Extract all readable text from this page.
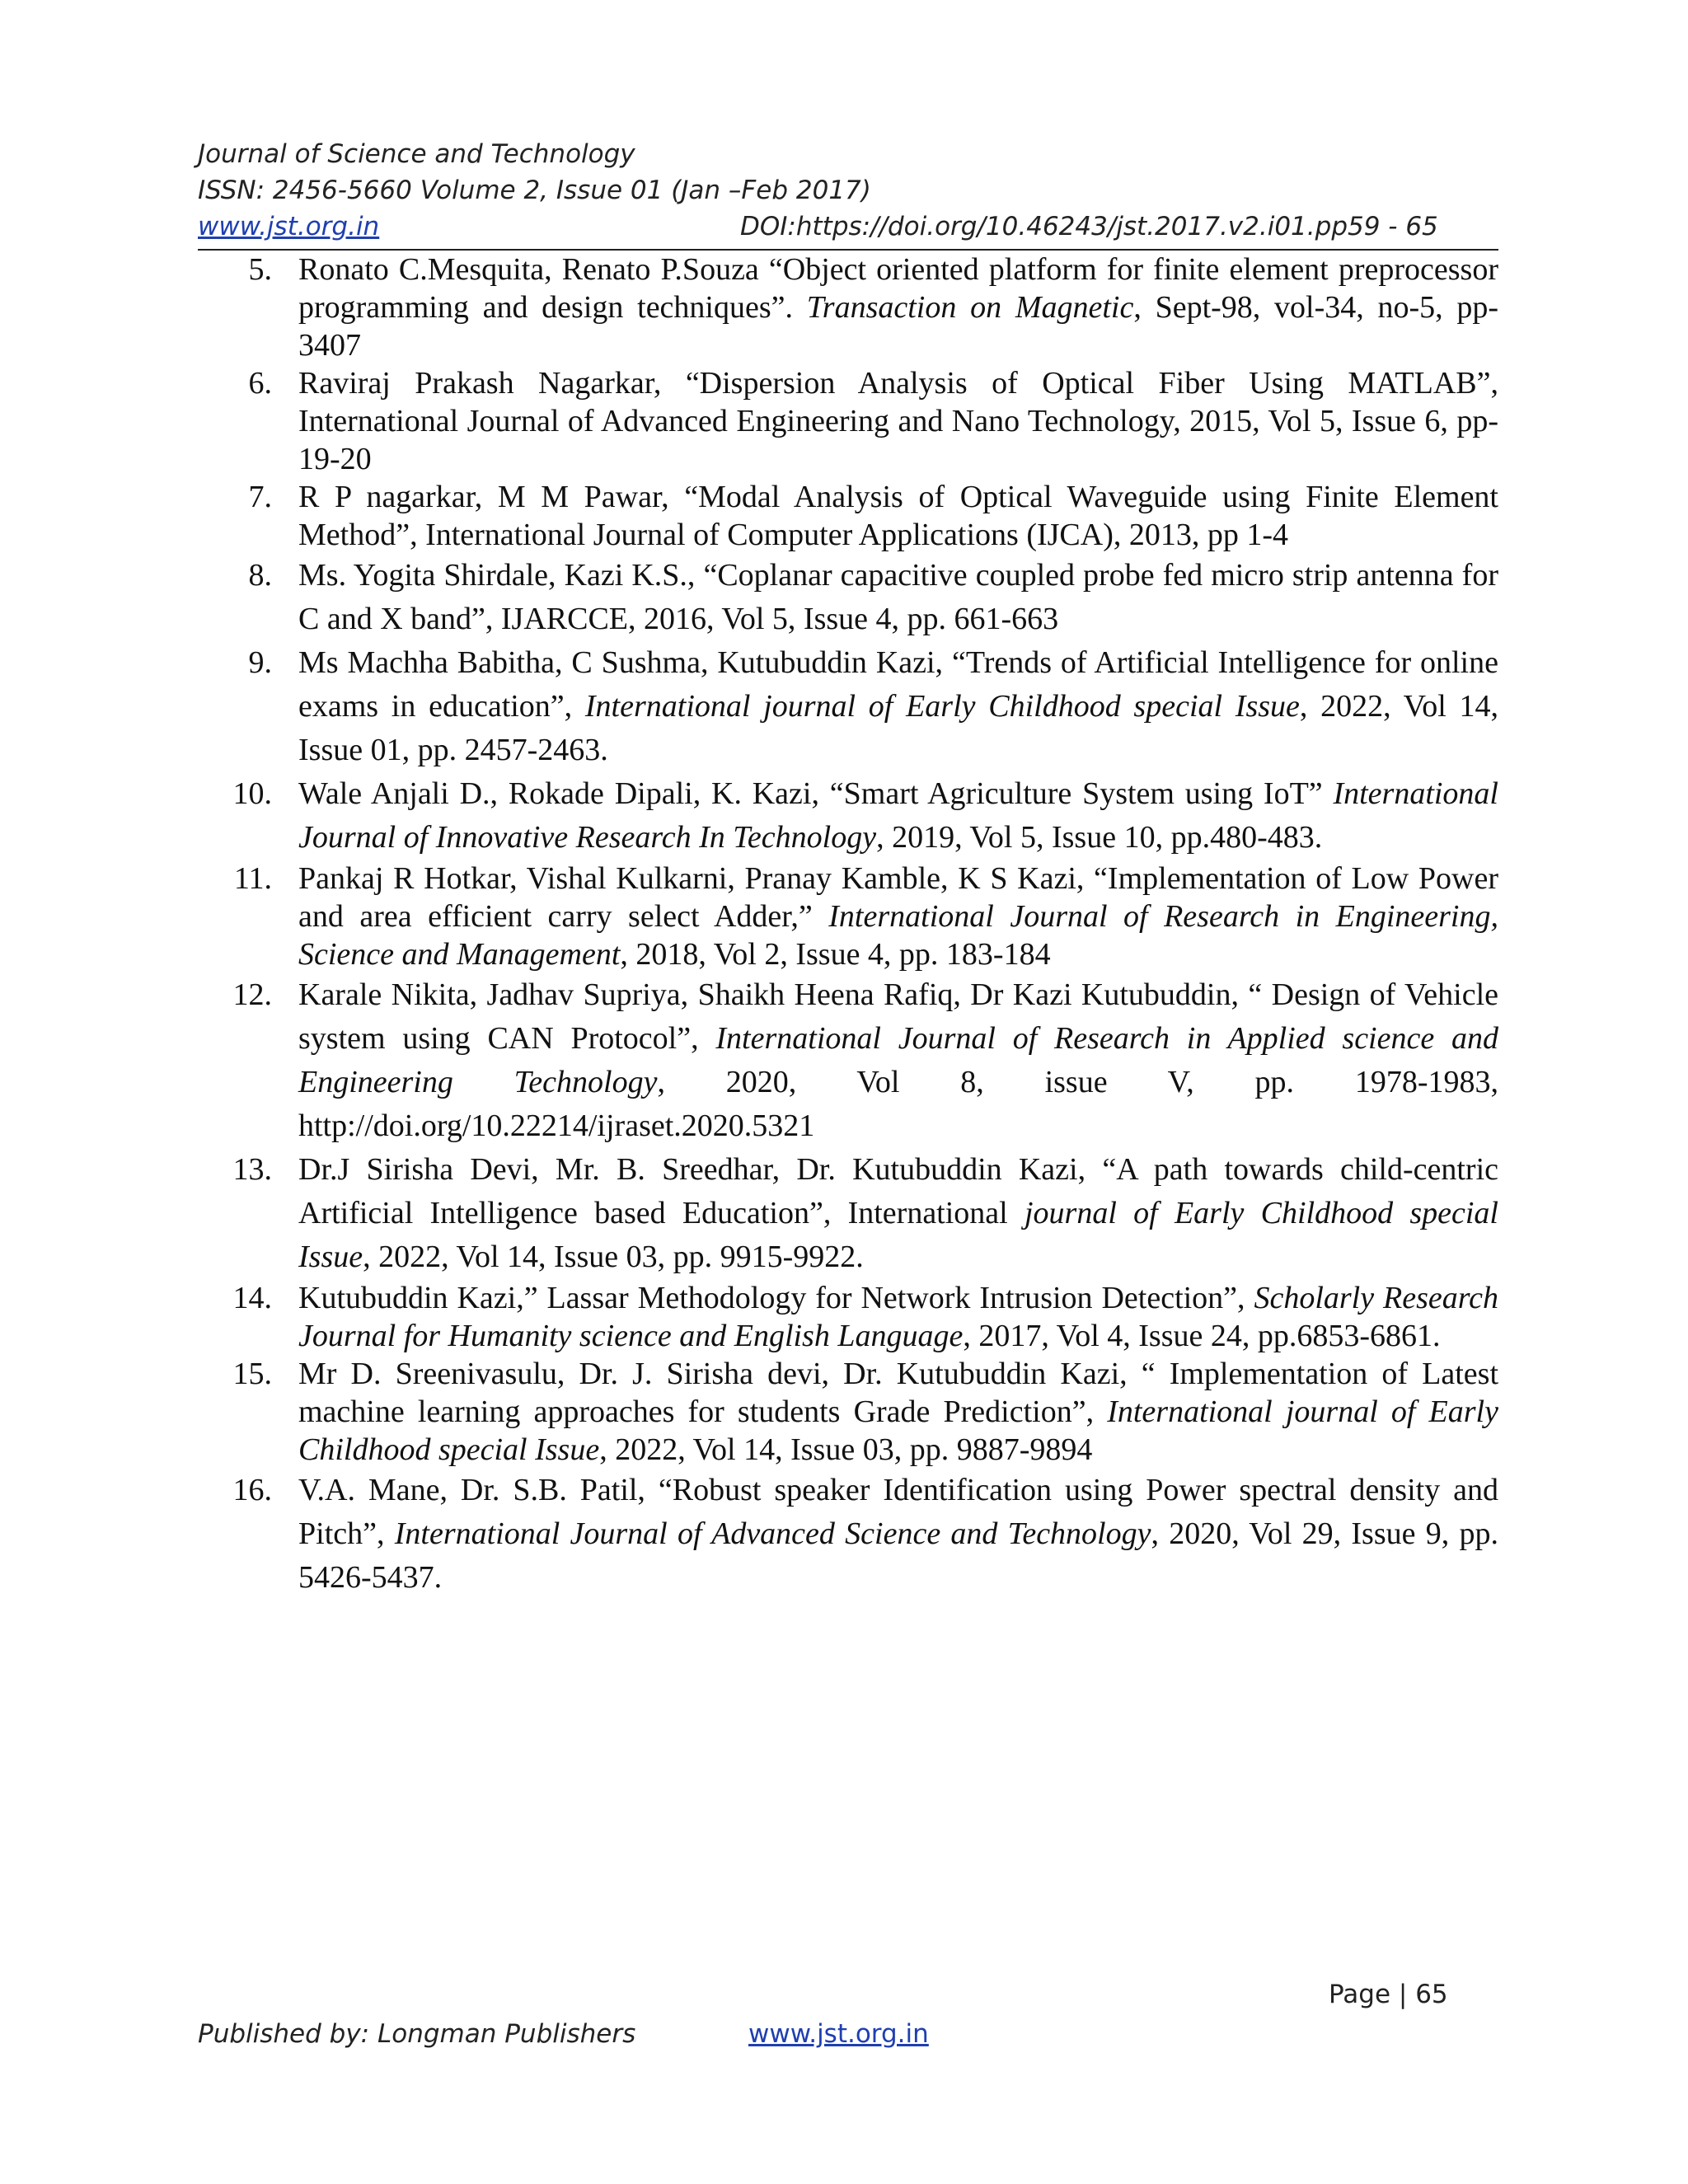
Journal of Science and Technology
ISSN: 2456-5660 Volume 2, Issue 01 (Jan –Feb 2017)
www.jst.org.in	DOI:https://doi.org/10.46243/jst.2017.v2.i01.pp59 - 65
5. Ronato C.Mesquita, Renato P.Souza “Object oriented platform for finite element preprocessor programming and design techniques”. Transaction on Magnetic, Sept-98, vol-34, no-5, pp-3407
6. Raviraj Prakash Nagarkar, “Dispersion Analysis of Optical Fiber Using MATLAB”, International Journal of Advanced Engineering and Nano Technology, 2015, Vol 5, Issue 6, pp- 19-20
7. R P nagarkar, M M Pawar, “Modal Analysis of Optical Waveguide using Finite Element Method”, International Journal of Computer Applications (IJCA), 2013, pp 1-4
8. Ms. Yogita Shirdale, Kazi K.S., “Coplanar capacitive coupled probe fed micro strip antenna for C and X band”, IJARCCE, 2016, Vol 5, Issue 4, pp. 661-663
9. Ms Machha Babitha, C Sushma, Kutubuddin Kazi, “Trends of Artificial Intelligence for online exams in education”, International journal of Early Childhood special Issue, 2022, Vol 14, Issue 01, pp. 2457-2463.
10. Wale Anjali D., Rokade Dipali, K. Kazi, “Smart Agriculture System using IoT” International Journal of Innovative Research In Technology, 2019, Vol 5, Issue 10, pp.480-483.
11. Pankaj R Hotkar, Vishal Kulkarni, Pranay Kamble, K S Kazi, “Implementation of Low Power and area efficient carry select Adder,” International Journal of Research in Engineering, Science and Management, 2018, Vol 2, Issue 4, pp. 183-184
12. Karale Nikita, Jadhav Supriya, Shaikh Heena Rafiq, Dr Kazi Kutubuddin, “ Design of Vehicle system using CAN Protocol”, International Journal of Research in Applied science and Engineering Technology, 2020, Vol 8, issue V, pp. 1978-1983, http://doi.org/10.22214/ijraset.2020.5321
13. Dr.J Sirisha Devi, Mr. B. Sreedhar, Dr. Kutubuddin Kazi, “A path towards child-centric Artificial Intelligence based Education”, International journal of Early Childhood special Issue, 2022, Vol 14, Issue 03, pp. 9915-9922.
14. Kutubuddin Kazi,” Lassar Methodology for Network Intrusion Detection”, Scholarly Research Journal for Humanity science and English Language, 2017, Vol 4, Issue 24, pp.6853-6861.
15. Mr D. Sreenivasulu, Dr. J. Sirisha devi, Dr. Kutubuddin Kazi, “ Implementation of Latest machine learning approaches for students Grade Prediction”, International journal of Early Childhood special Issue, 2022, Vol 14, Issue 03, pp. 9887-9894
16. V.A. Mane, Dr. S.B. Patil, “Robust speaker Identification using Power spectral density and Pitch”, International Journal of Advanced Science and Technology, 2020, Vol 29, Issue 9, pp. 5426-5437.
Page | 65
Published by: Longman Publishers	www.jst.org.in
